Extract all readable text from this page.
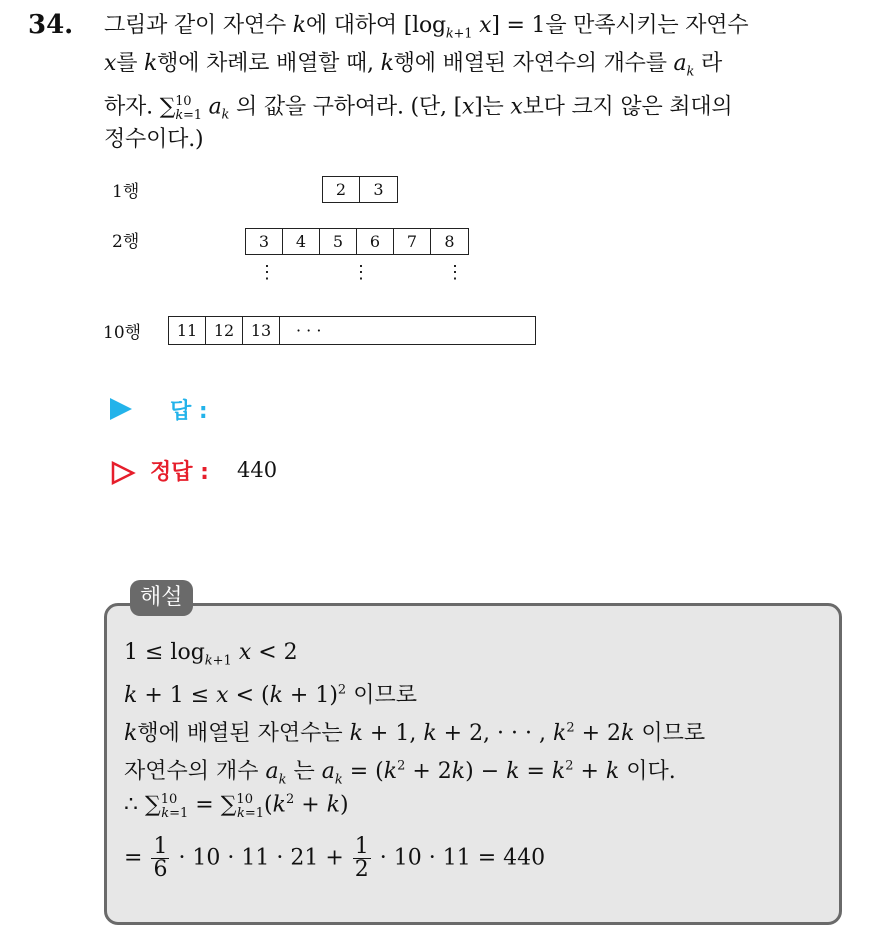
34. 그림과 같이 자연수 𝑘에 대하여 [$\log_{𝑘+1}$ 𝑥] = 1을 만족시키는 자연수
𝑥를 𝑘행에 차례로 배열할 때, 𝑘행에 배열된 자연수의 개수를 𝑎$_𝑘$ 라
하자. ∑$^{10}_{𝑘=1}$ 𝑎$_𝑘$ 의 값을 구하여라. (단, [𝑥]는 𝑥보다 크지 않은 최대의
정수이다.)
1행	2	3
2행	3	4	5	6	7	8
⋮	⋮	⋮
10행	11	12	13	· · ·
답 :
정답 : 440
해설
$1 \le \log_{𝑘+1}$ 𝑥 < 2
𝑘 + 1 ≤ 𝑥 < (𝑘 + 1)$^2$ 이므로
𝑘행에 배열된 자연수는 𝑘 + 1, 𝑘 + 2, · · · , 𝑘$^2$ + 2𝑘 이므로
자연수의 개수 𝑎$_𝑘$ 는 𝑎$_𝑘$ = (𝑘$^2$ + 2𝑘) − 𝑘 = 𝑘$^2$ + 𝑘 이다.
∴ ∑$^{10}_{𝑘=1}$ = ∑$^{10}_{𝑘=1}$(𝑘$^2$ + 𝑘)
= $\frac{1}{6} \cdot 10 \cdot 11 \cdot 21 + \frac{1}{2} \cdot 10 \cdot 11 = 440$
